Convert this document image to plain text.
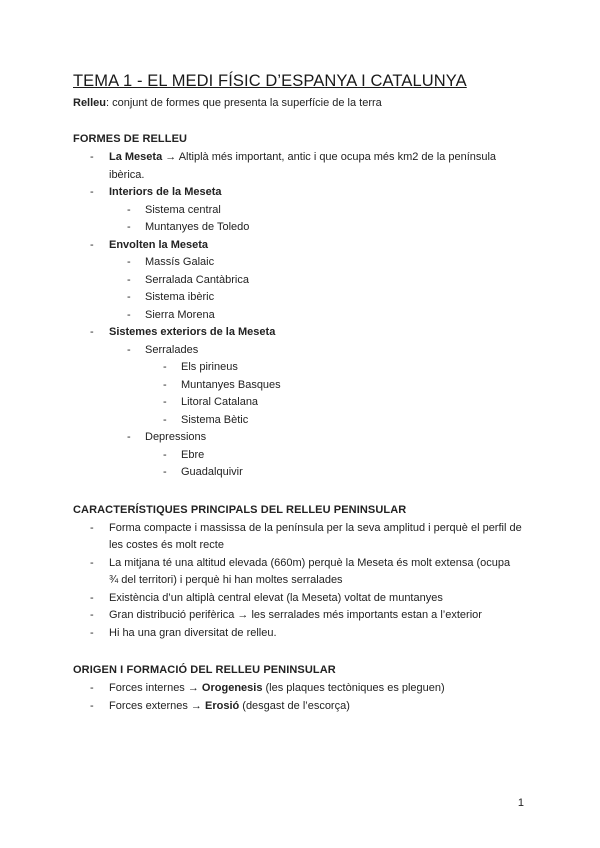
TEMA 1 - EL MEDI FÍSIC D’ESPANYA I CATALUNYA

Relleu: conjunt de formes que presenta la superfície de la terra

FORMES DE RELLEU
-	La Meseta → Altiplà més important, antic i que ocupa més km2 de la península
ibèrica.
-	Interiors de la Meseta
-	Sistema central
-	Muntanyes de Toledo
-	Envolten la Meseta
-	Massís Galaic
-	Serralada Cantàbrica
-	Sistema ibèric
-	Sierra Morena
-	Sistemes exteriors de la Meseta
-	Serralades
-	Els pirineus
-	Muntanyes Basques
-	Litoral Catalana
-	Sistema Bètic
-	Depressions
-	Ebre
-	Guadalquivir
CARACTERÍSTIQUES PRINCIPALS DEL RELLEU PENINSULAR
-	Forma compacte i massissa de la península per la seva amplitud i perquè el perfil de
les costes és molt recte
-	La mitjana té una altitud elevada (660m) perquè la Meseta és molt extensa (ocupa
¾ del territori) i perquè hi han moltes serralades
-	Existència d’un altiplà central elevat (la Meseta) voltat de muntanyes
-	Gran distribució perifèrica → les serralades més importants estan a l’exterior
-	Hi ha una gran diversitat de relleu.
ORIGEN I FORMACIÓ DEL RELLEU PENINSULAR
-	Forces internes → Orogenesis (les plaques tectòniques es pleguen)
-	Forces externes → Erosió (desgast de l’escorça)
1
